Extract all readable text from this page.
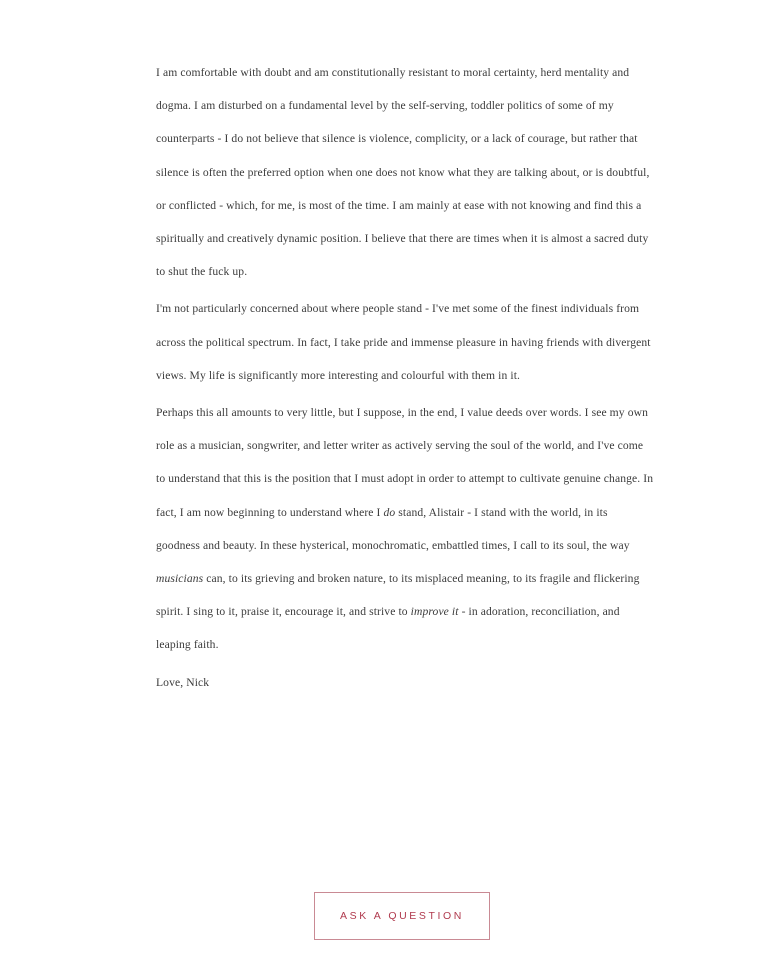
I am comfortable with doubt and am constitutionally resistant to moral certainty, herd mentality and dogma. I am disturbed on a fundamental level by the self-serving, toddler politics of some of my counterparts - I do not believe that silence is violence, complicity, or a lack of courage, but rather that silence is often the preferred option when one does not know what they are talking about, or is doubtful, or conflicted - which, for me, is most of the time. I am mainly at ease with not knowing and find this a spiritually and creatively dynamic position. I believe that there are times when it is almost a sacred duty to shut the fuck up.

I'm not particularly concerned about where people stand - I've met some of the finest individuals from across the political spectrum. In fact, I take pride and immense pleasure in having friends with divergent views. My life is significantly more interesting and colourful with them in it.

Perhaps this all amounts to very little, but I suppose, in the end, I value deeds over words. I see my own role as a musician, songwriter, and letter writer as actively serving the soul of the world, and I've come to understand that this is the position that I must adopt in order to attempt to cultivate genuine change. In fact, I am now beginning to understand where I do stand, Alistair - I stand with the world, in its goodness and beauty. In these hysterical, monochromatic, embattled times, I call to its soul, the way musicians can, to its grieving and broken nature, to its misplaced meaning, to its fragile and flickering spirit. I sing to it, praise it, encourage it, and strive to improve it - in adoration, reconciliation, and leaping faith.

Love, Nick

ASK A QUESTION
